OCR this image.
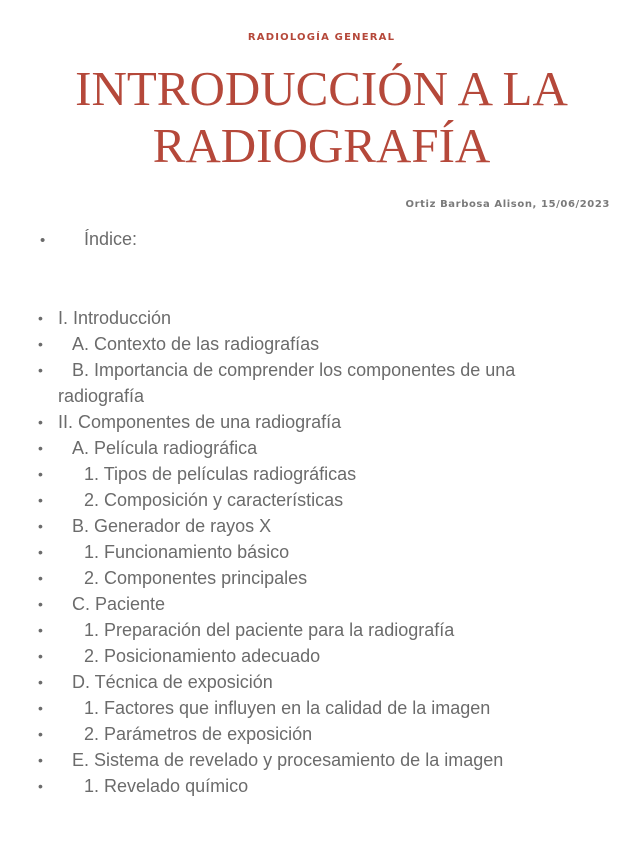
RADIOLOGÍA GENERAL
INTRODUCCIÓN A LA
RADIOGRAFÍA
Ortiz Barbosa Alison, 15/06/2023
• Índice:
• I. Introducción
• A. Contexto de las radiografías
• B. Importancia de comprender los componentes de una radiografía
• II. Componentes de una radiografía
• A. Película radiográfica
• 1. Tipos de películas radiográficas
• 2. Composición y características
• B. Generador de rayos X
• 1. Funcionamiento básico
• 2. Componentes principales
• C. Paciente
• 1. Preparación del paciente para la radiografía
• 2. Posicionamiento adecuado
• D. Técnica de exposición
• 1. Factores que influyen en la calidad de la imagen
• 2. Parámetros de exposición
• E. Sistema de revelado y procesamiento de la imagen
• 1. Revelado químico
